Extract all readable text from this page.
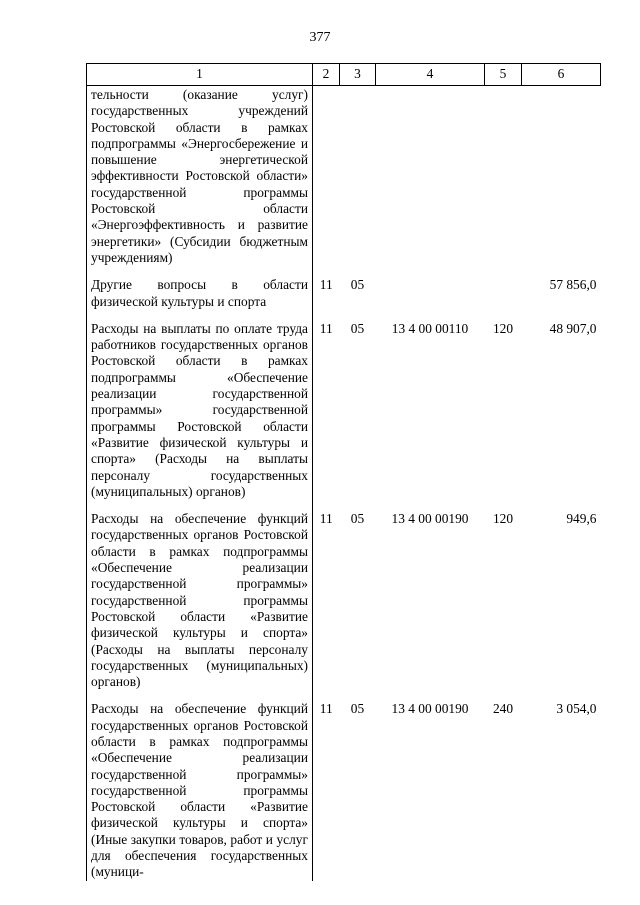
377
1	2	3	4	5	6
тельности (оказание услуг) государственных учреждений Ростовской области в рамках подпрограммы «Энергосбережение и повышение энергетической эффективности Ростовской области» государственной программы Ростовской области «Энергоэффективность и развитие энергетики» (Субсидии бюджетным учреждениям)					

Другие вопросы в области физической культуры и спорта	11	05			57 856,0

Расходы на выплаты по оплате труда работников государственных органов Ростовской области в рамках подпрограммы «Обеспечение реализации государственной программы» государственной программы Ростовской области «Развитие физической культуры и спорта» (Расходы на выплаты персоналу государственных (муниципальных) органов)	11	05	13 4 00 00110	120	48 907,0

Расходы на обеспечение функций государственных органов Ростовской области в рамках подпрограммы «Обеспечение реализации государственной программы» государственной программы Ростовской области «Развитие физической культуры и спорта» (Расходы на выплаты персоналу государственных (муниципальных) органов)	11	05	13 4 00 00190	120	949,6

Расходы на обеспечение функций государственных органов Ростовской области в рамках подпрограммы «Обеспечение реализации государственной программы» государственной программы Ростовской области «Развитие физической культуры и спорта» (Иные закупки товаров, работ и услуг для обеспечения государственных (муници-	11	05	13 4 00 00190	240	3 054,0
